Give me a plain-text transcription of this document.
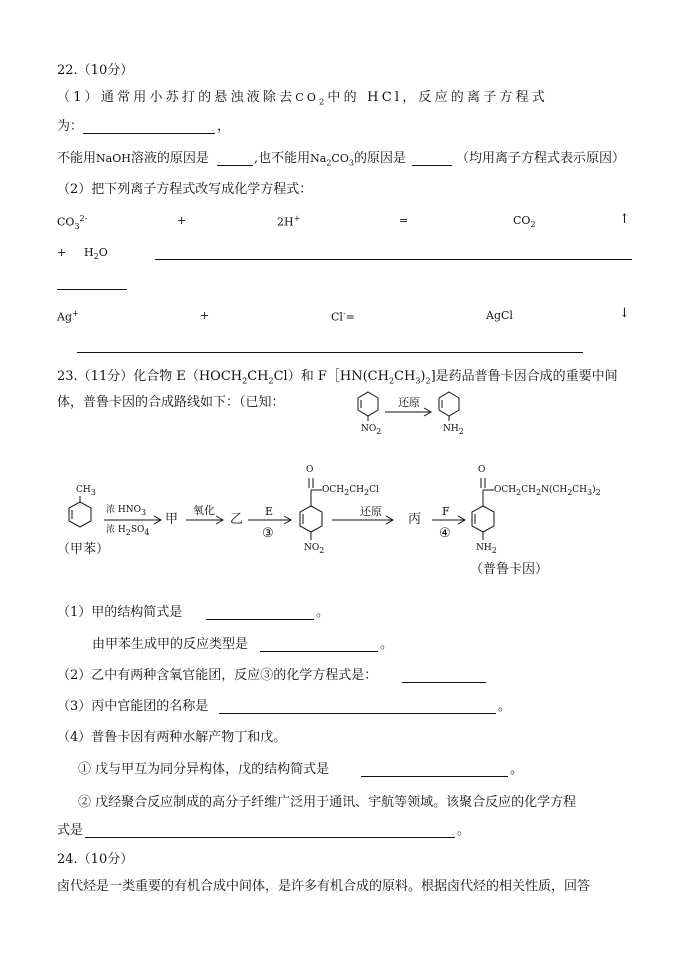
22.（10分）
（1）通常用小苏打的悬浊液除去$CO_2$中的 HCl，反应的离子方程式
为：	，
不能用NaOH溶液的原因是	,也不能用$Na_2CO_3$的原因是	（均用离子方程式表示原因）
（2）把下列离子方程式改写成化学方程式：
$CO_3^{2-}$	+	2H+	=	$CO_2$	↑
+ $H_2O$
Ag+	+	Cl-=	AgCl	↓
23.（11分）化合物 $E(HOCH_2CH_2Cl)$和 $F[HN(CH_2CH_3)_2$]是药品普鲁卡因合成的重要中间
体，普鲁卡因的合成路线如下：（已知：	还原
$NO_2$	$NH_2$
$CH_3$
浓 $HNO_3$
浓 $H_2SO_4$
甲
氧化
乙
E
③
O
$OCH_2CH_2Cl$
$NO_2$
还原
丙
F
④
O
$OCH_2CH_2N(CH_2CH_3)_2$
$NH_2$
（甲苯）
（普鲁卡因）
（1）甲的结构简式是	。
由甲苯生成甲的反应类型是	。
（2）乙中有两种含氧官能团，反应③的化学方程式是：
（3）丙中官能团的名称是	。
（4）普鲁卡因有两种水解产物丁和戊。
① 戊与甲互为同分异构体，戊的结构简式是	。
② 戊经聚合反应制成的高分子纤维广泛用于通讯、宇航等领域。该聚合反应的化学方程
式是	。
24.（10分）
卤代烃是一类重要的有机合成中间体，是许多有机合成的原料。根据卤代烃的相关性质，回答
